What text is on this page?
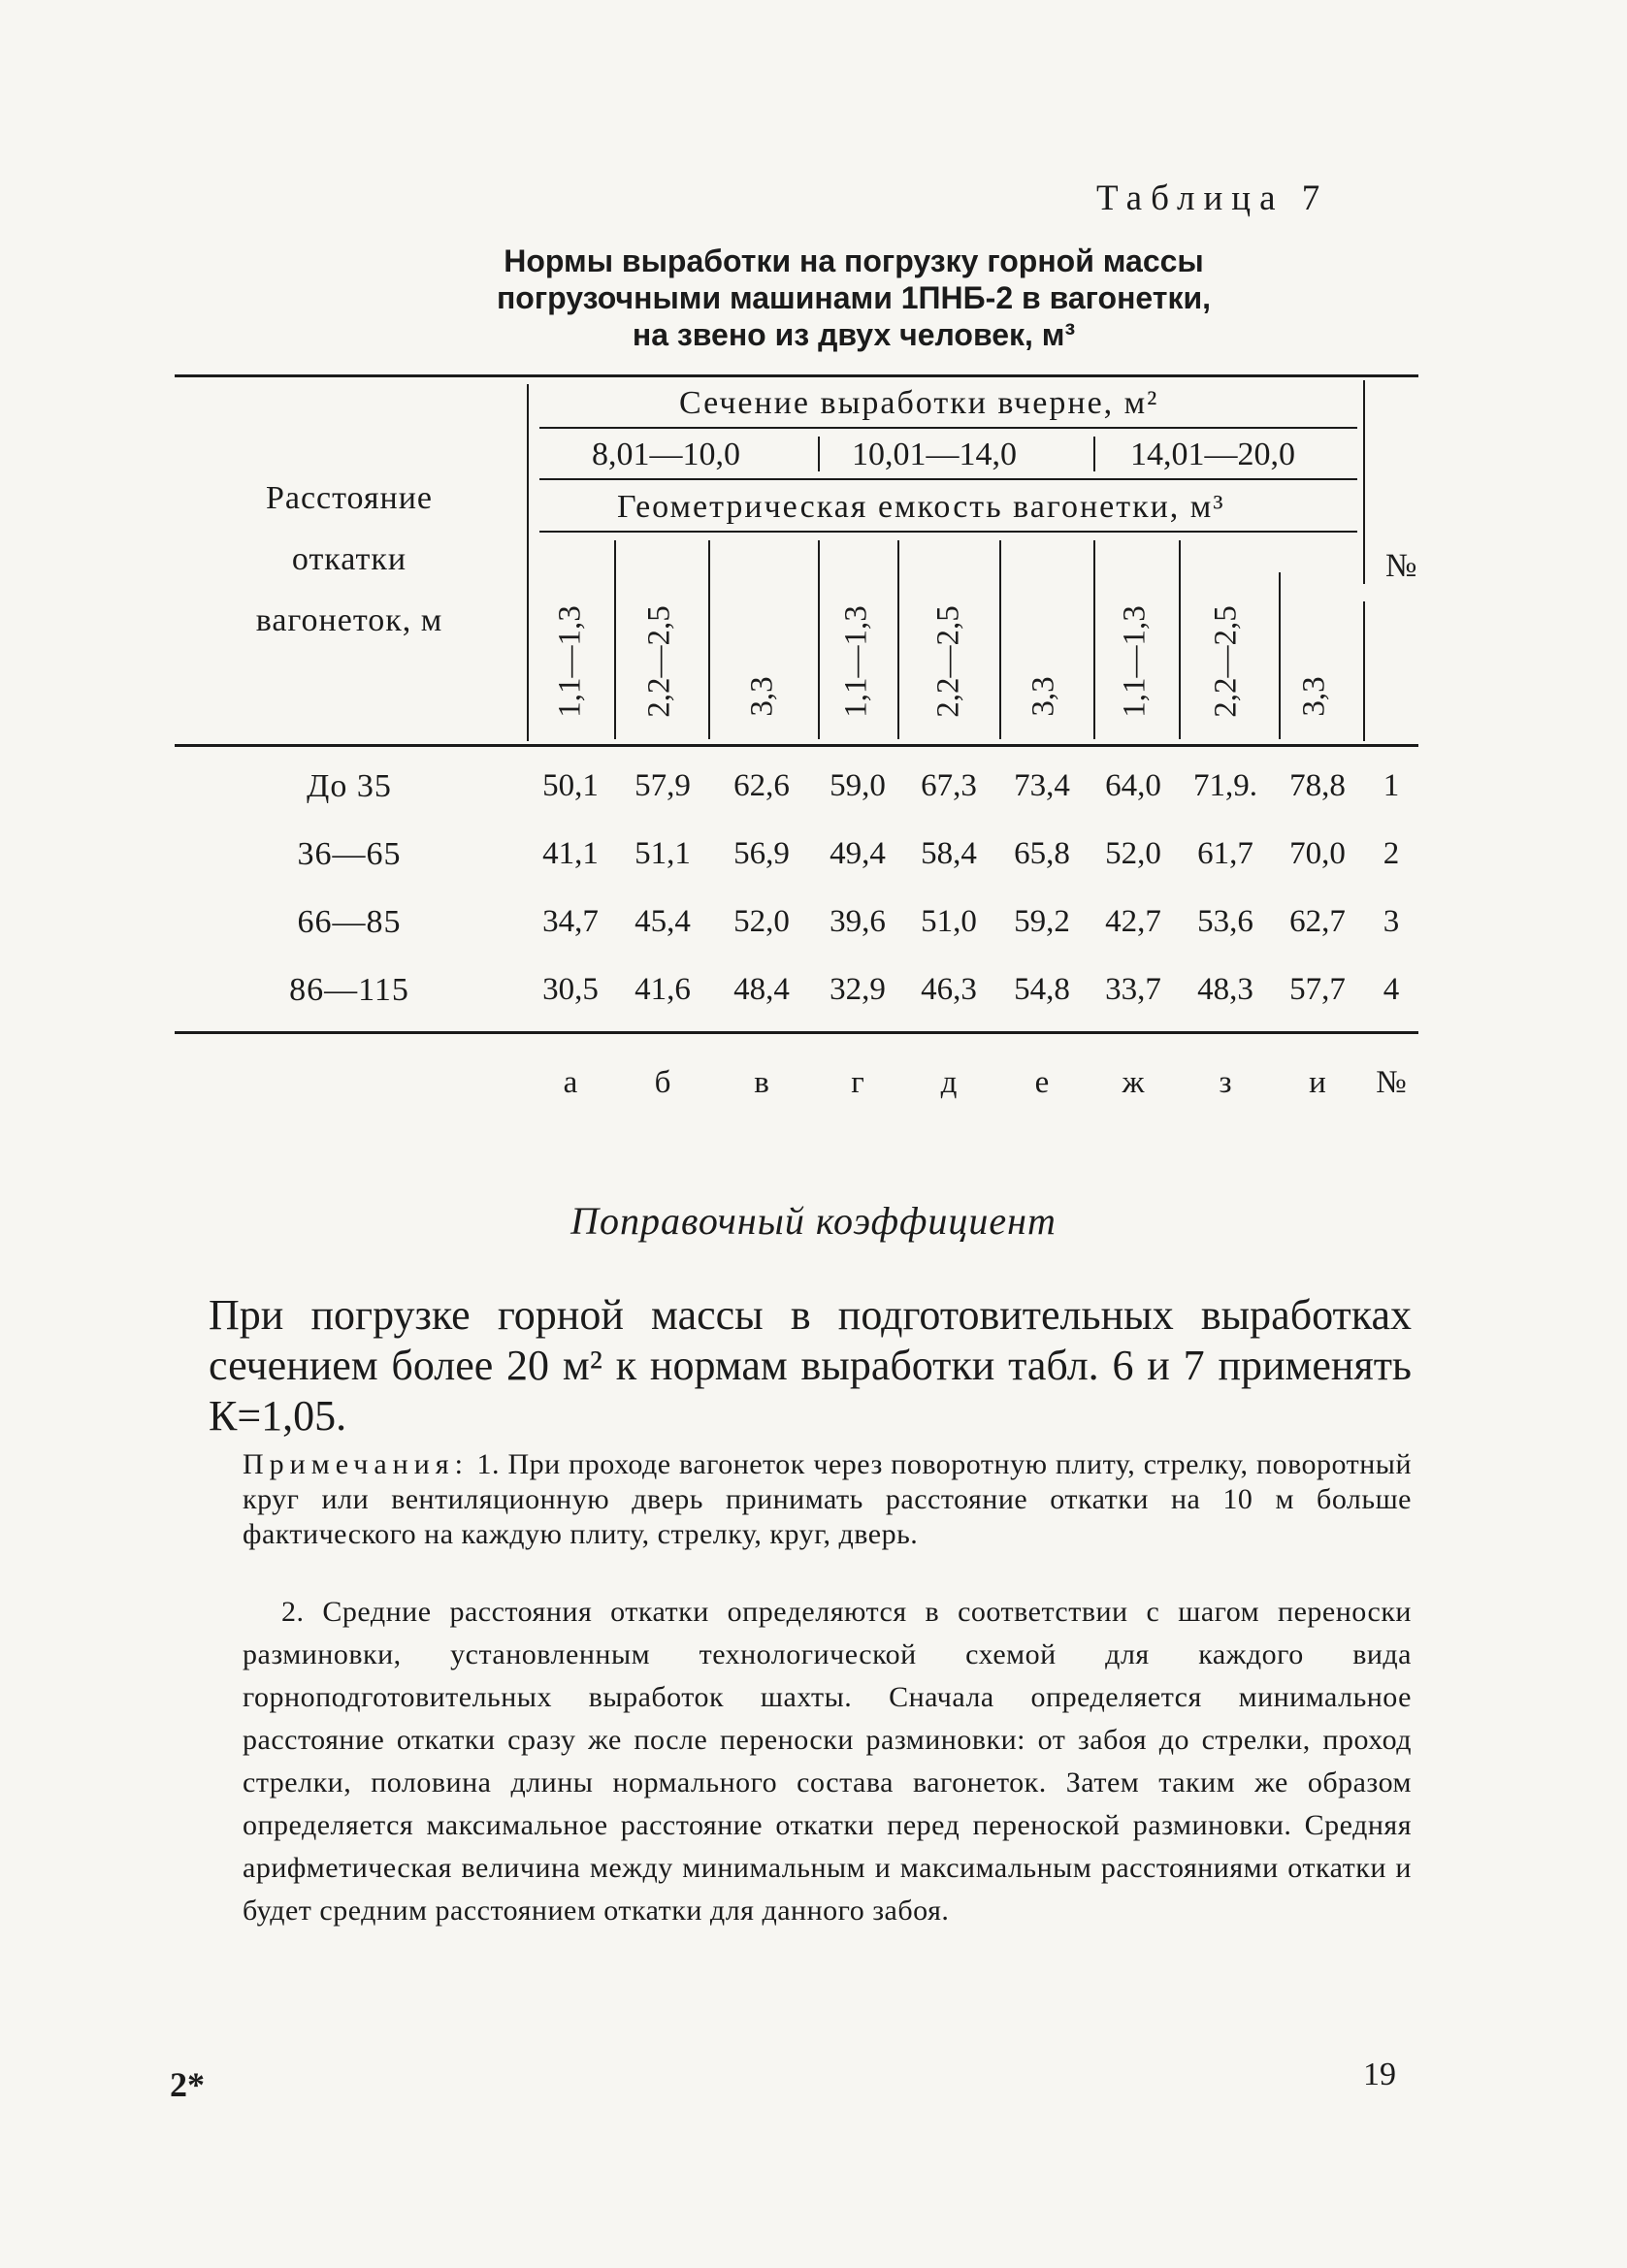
Таблица 7
Нормы выработки на погрузку горной массы
погрузочными машинами 1ПНБ-2 в вагонетки,
на звено из двух человек, м³
Расстояние
откатки
вагонеток, м
Сечение выработки вчерне, м²
8,01—10,0	10,01—14,0	14,01—20,0
Геометрическая емкость вагонетки, м³
№
1,1—1,3 2,2—2,5 3,3 1,1—1,3 2,2—2,5 3,3 1,1—1,3 2,2—2,5 3,3
До 35	50,1	57,9	62,6	59,0	67,3	73,4	64,0	71,9.	78,8	1
36—65	41,1	51,1	56,9	49,4	58,4	65,8	52,0	61,7	70,0	2
66—85	34,7	45,4	52,0	39,6	51,0	59,2	42,7	53,6	62,7	3
86—115	30,5	41,6	48,4	32,9	46,3	54,8	33,7	48,3	57,7	4
а	б	в	г	д	е	ж	з	и	№
Поправочный коэффициент
При погрузке горной массы в подготовительных выработках сечением более 20 м² к нормам выработки табл. 6 и 7 применять К=1,05.
Примечания: 1. При проходе вагонеток через поворотную плиту, стрелку, поворотный круг или вентиляционную дверь принимать расстояние откатки на 10 м больше фактического на каждую плиту, стрелку, круг, дверь.
2. Средние расстояния откатки определяются в соответствии с шагом переноски разминовки, установленным технологической схемой для каждого вида горноподготовительных выработок шахты. Сначала определяется минимальное расстояние откатки сразу же после переноски разминовки: от забоя до стрелки, проход стрелки, половина длины нормального состава вагонеток. Затем таким же образом определяется максимальное расстояние откатки перед переноской разминовки. Средняя арифметическая величина между минимальным и максимальным расстояниями откатки и будет средним расстоянием откатки для данного забоя.
2*	19
